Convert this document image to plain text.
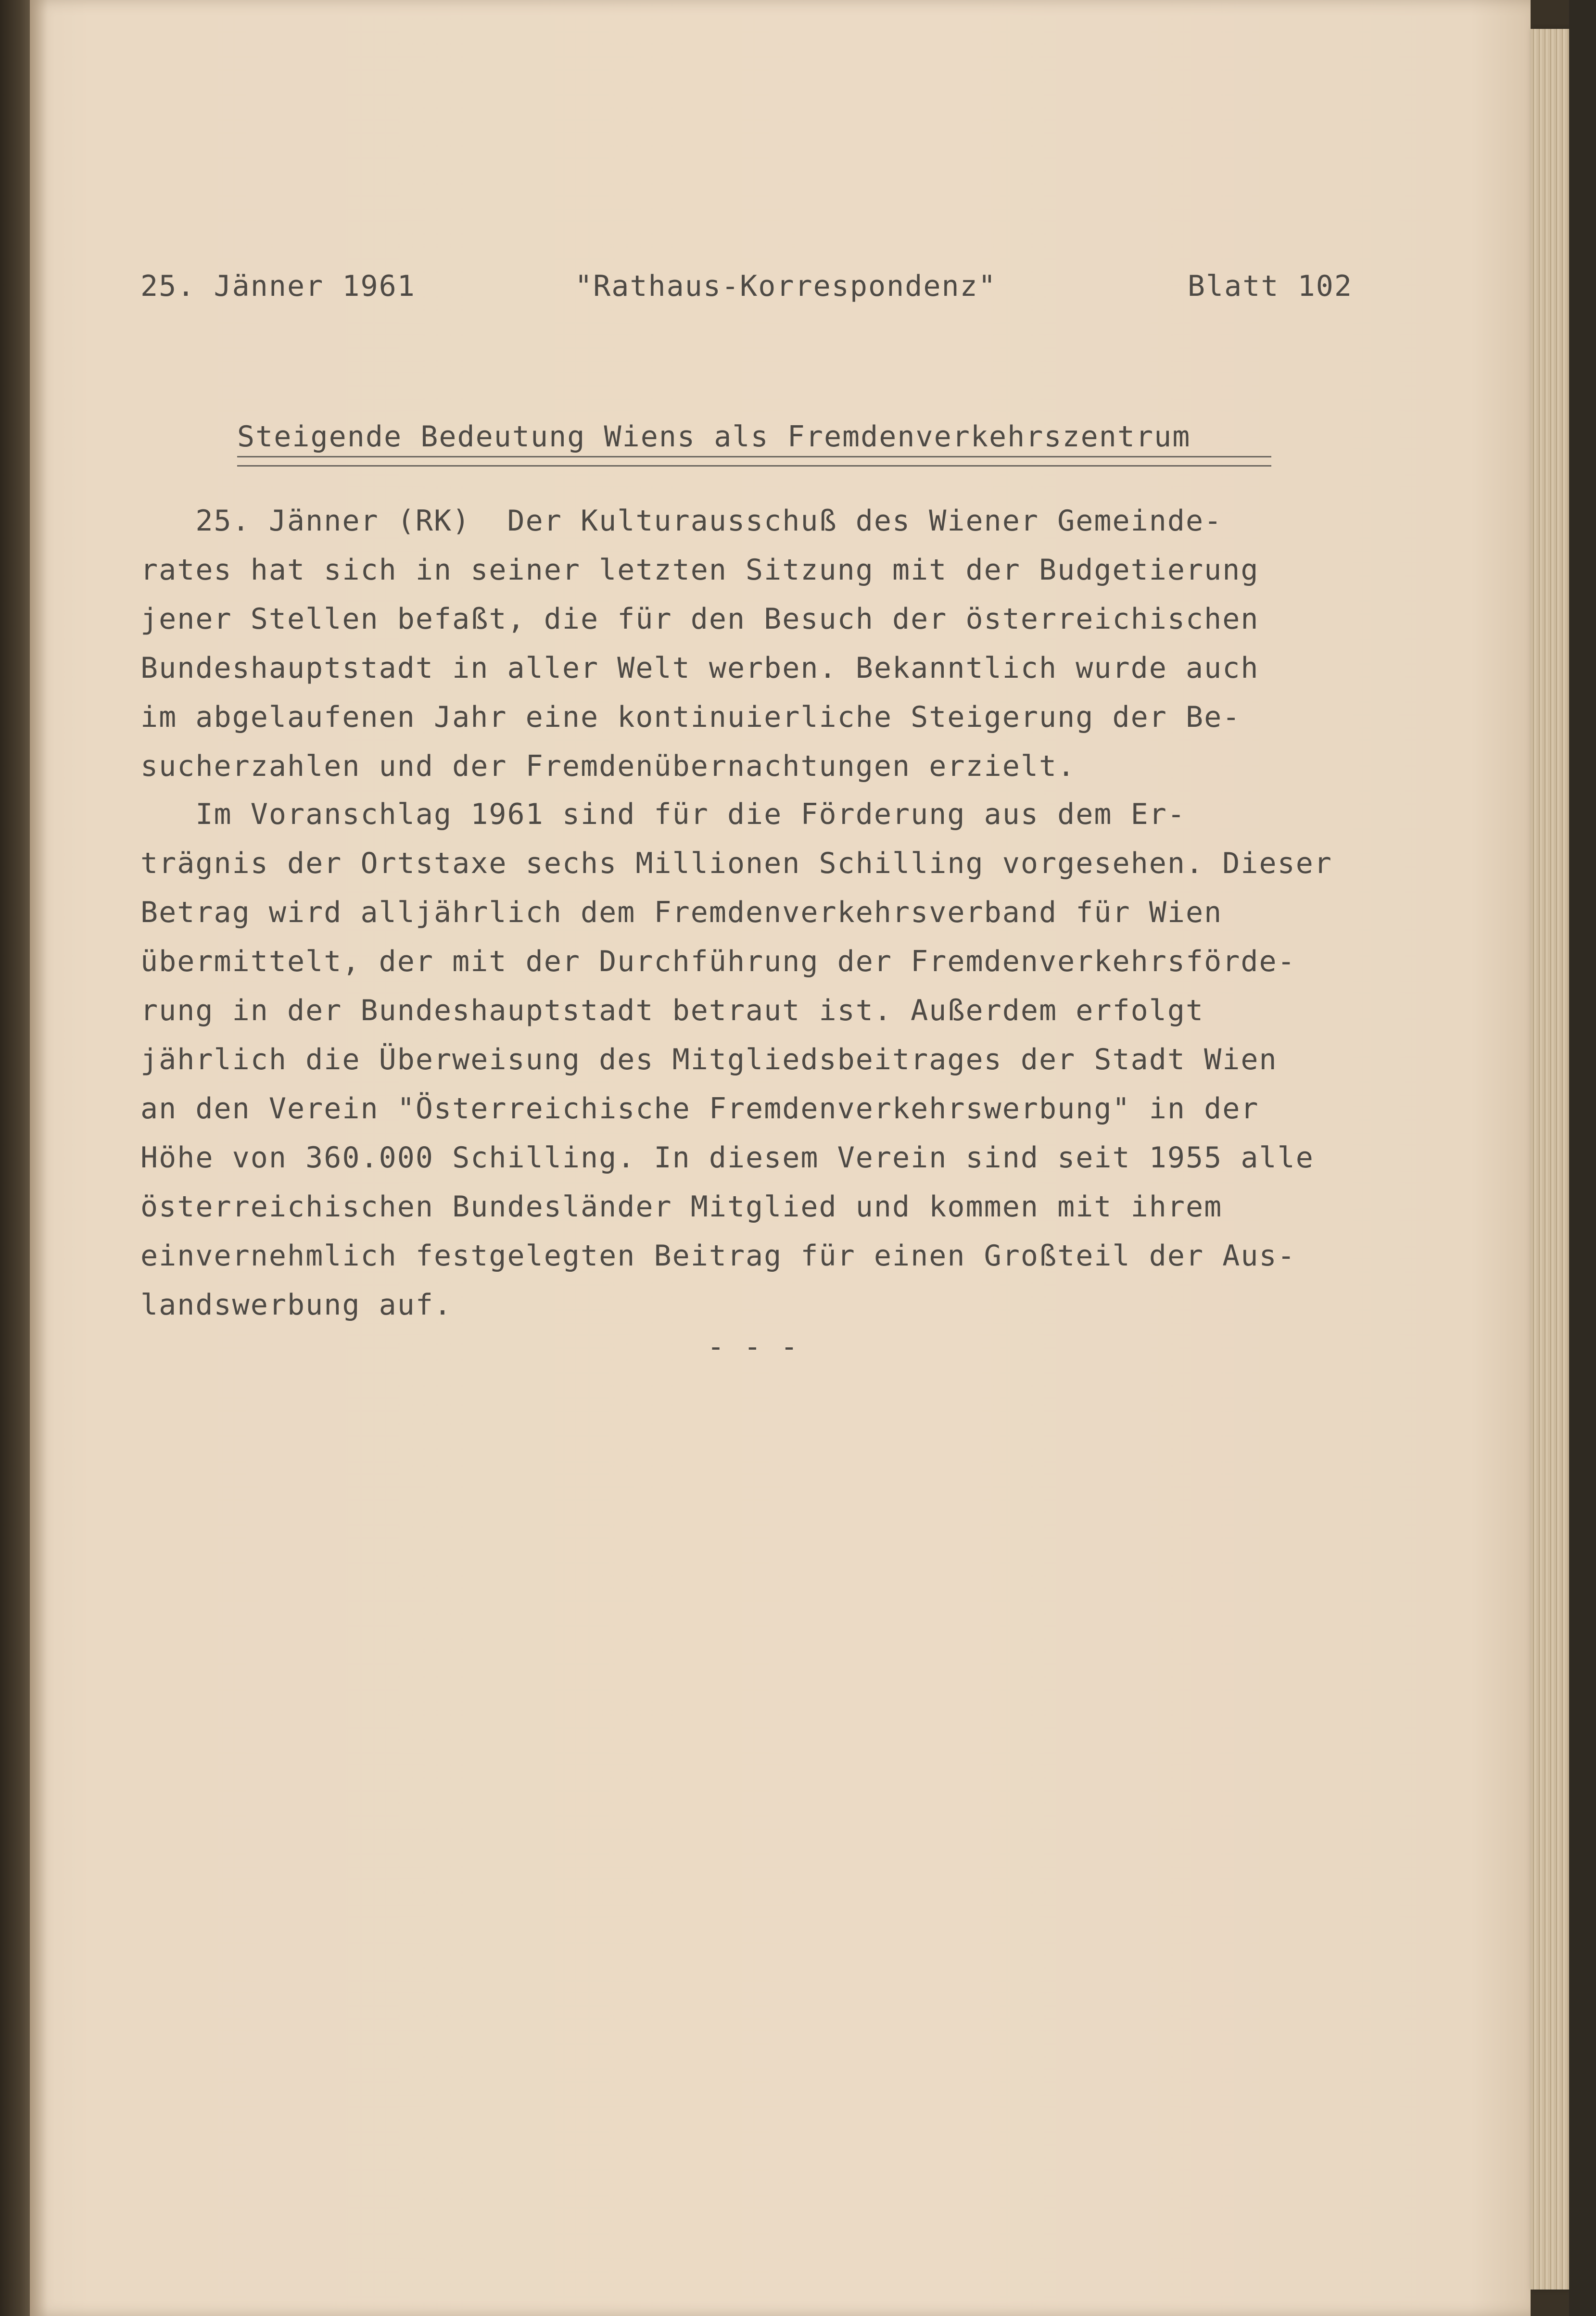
25. Jänner 1961	"Rathaus-Korrespondenz"	Blatt 102
Steigende Bedeutung Wiens als Fremdenverkehrszentrum
25. Jänner (RK)  Der Kulturausschuß des Wiener Gemeinde-
rates hat sich in seiner letzten Sitzung mit der Budgetierung
jener Stellen befaßt, die für den Besuch der österreichischen
Bundeshauptstadt in aller Welt werben. Bekanntlich wurde auch
im abgelaufenen Jahr eine kontinuierliche Steigerung der Be-
sucherzahlen und der Fremdenübernachtungen erzielt.
Im Voranschlag 1961 sind für die Förderung aus dem Er-
trägnis der Ortstaxe sechs Millionen Schilling vorgesehen. Dieser
Betrag wird alljährlich dem Fremdenverkehrsverband für Wien
übermittelt, der mit der Durchführung der Fremdenverkehrsförde-
rung in der Bundeshauptstadt betraut ist. Außerdem erfolgt
jährlich die Überweisung des Mitgliedsbeitrages der Stadt Wien
an den Verein "Österreichische Fremdenverkehrswerbung" in der
Höhe von 360.000 Schilling. In diesem Verein sind seit 1955 alle
österreichischen Bundesländer Mitglied und kommen mit ihrem
einvernehmlich festgelegten Beitrag für einen Großteil der Aus-
landswerbung auf.
- - -
